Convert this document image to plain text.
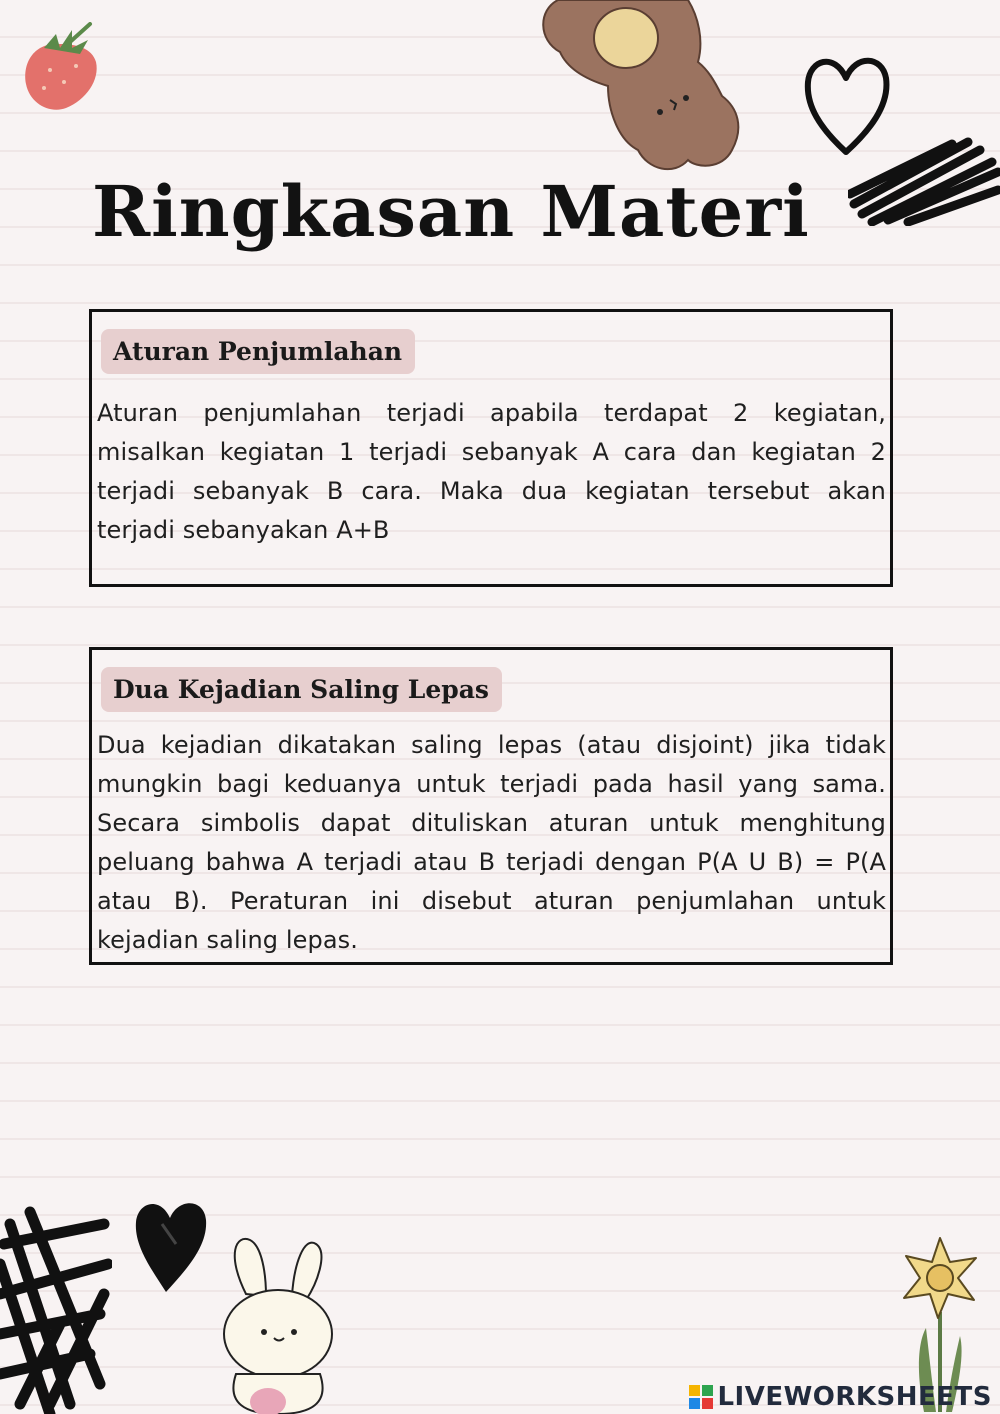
Ringkasan Materi
Aturan Penjumlahan

Aturan penjumlahan terjadi apabila terdapat 2 kegiatan, misalkan kegiatan 1 terjadi sebanyak A cara dan kegiatan 2 terjadi sebanyak B cara. Maka dua kegiatan tersebut akan terjadi sebanyakan A+B

Dua Kejadian Saling Lepas

Dua kejadian dikatakan saling lepas (atau disjoint) jika tidak mungkin bagi keduanya untuk terjadi pada hasil yang sama. Secara simbolis dapat dituliskan aturan untuk menghitung peluang bahwa A terjadi atau B terjadi dengan P(A U B) = P(A atau B). Peraturan ini disebut aturan penjumlahan untuk kejadian saling lepas.

LIVEWORKSHEETS
